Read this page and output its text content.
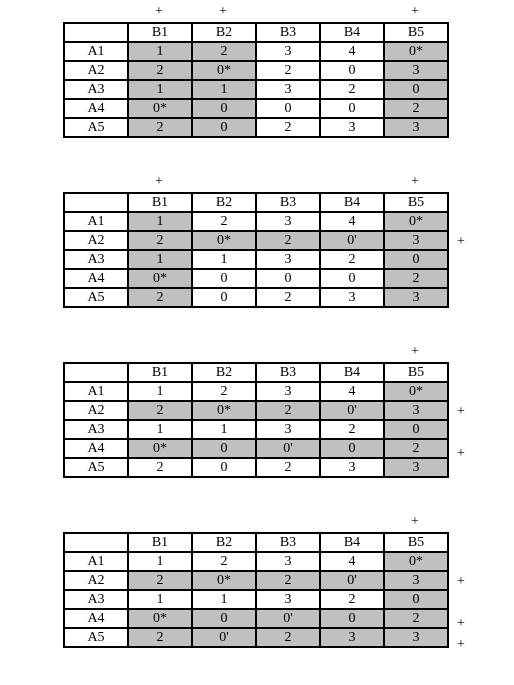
+	+	+
	B1	B2	B3	B4	B5
A1	1	2	3	4	0*
A2	2	0*	2	0	3
A3	1	1	3	2	0
A4	0*	0	0	0	2
A5	2	0	2	3	3
+	+
	B1	B2	B3	B4	B5
A1	1	2	3	4	0*
A2	2	0*	2	0'	3
A3	1	1	3	2	0
A4	0*	0	0	0	2
A5	2	0	2	3	3
+
+
	B1	B2	B3	B4	B5
A1	1	2	3	4	0*
A2	2	0*	2	0'	3
A3	1	1	3	2	0
A4	0*	0	0'	0	2
A5	2	0	2	3	3
+
+
+
	B1	B2	B3	B4	B5
A1	1	2	3	4	0*
A2	2	0*	2	0'	3
A3	1	1	3	2	0
A4	0*	0	0'	0	2
A5	2	0'	2	3	3
+
+
+
